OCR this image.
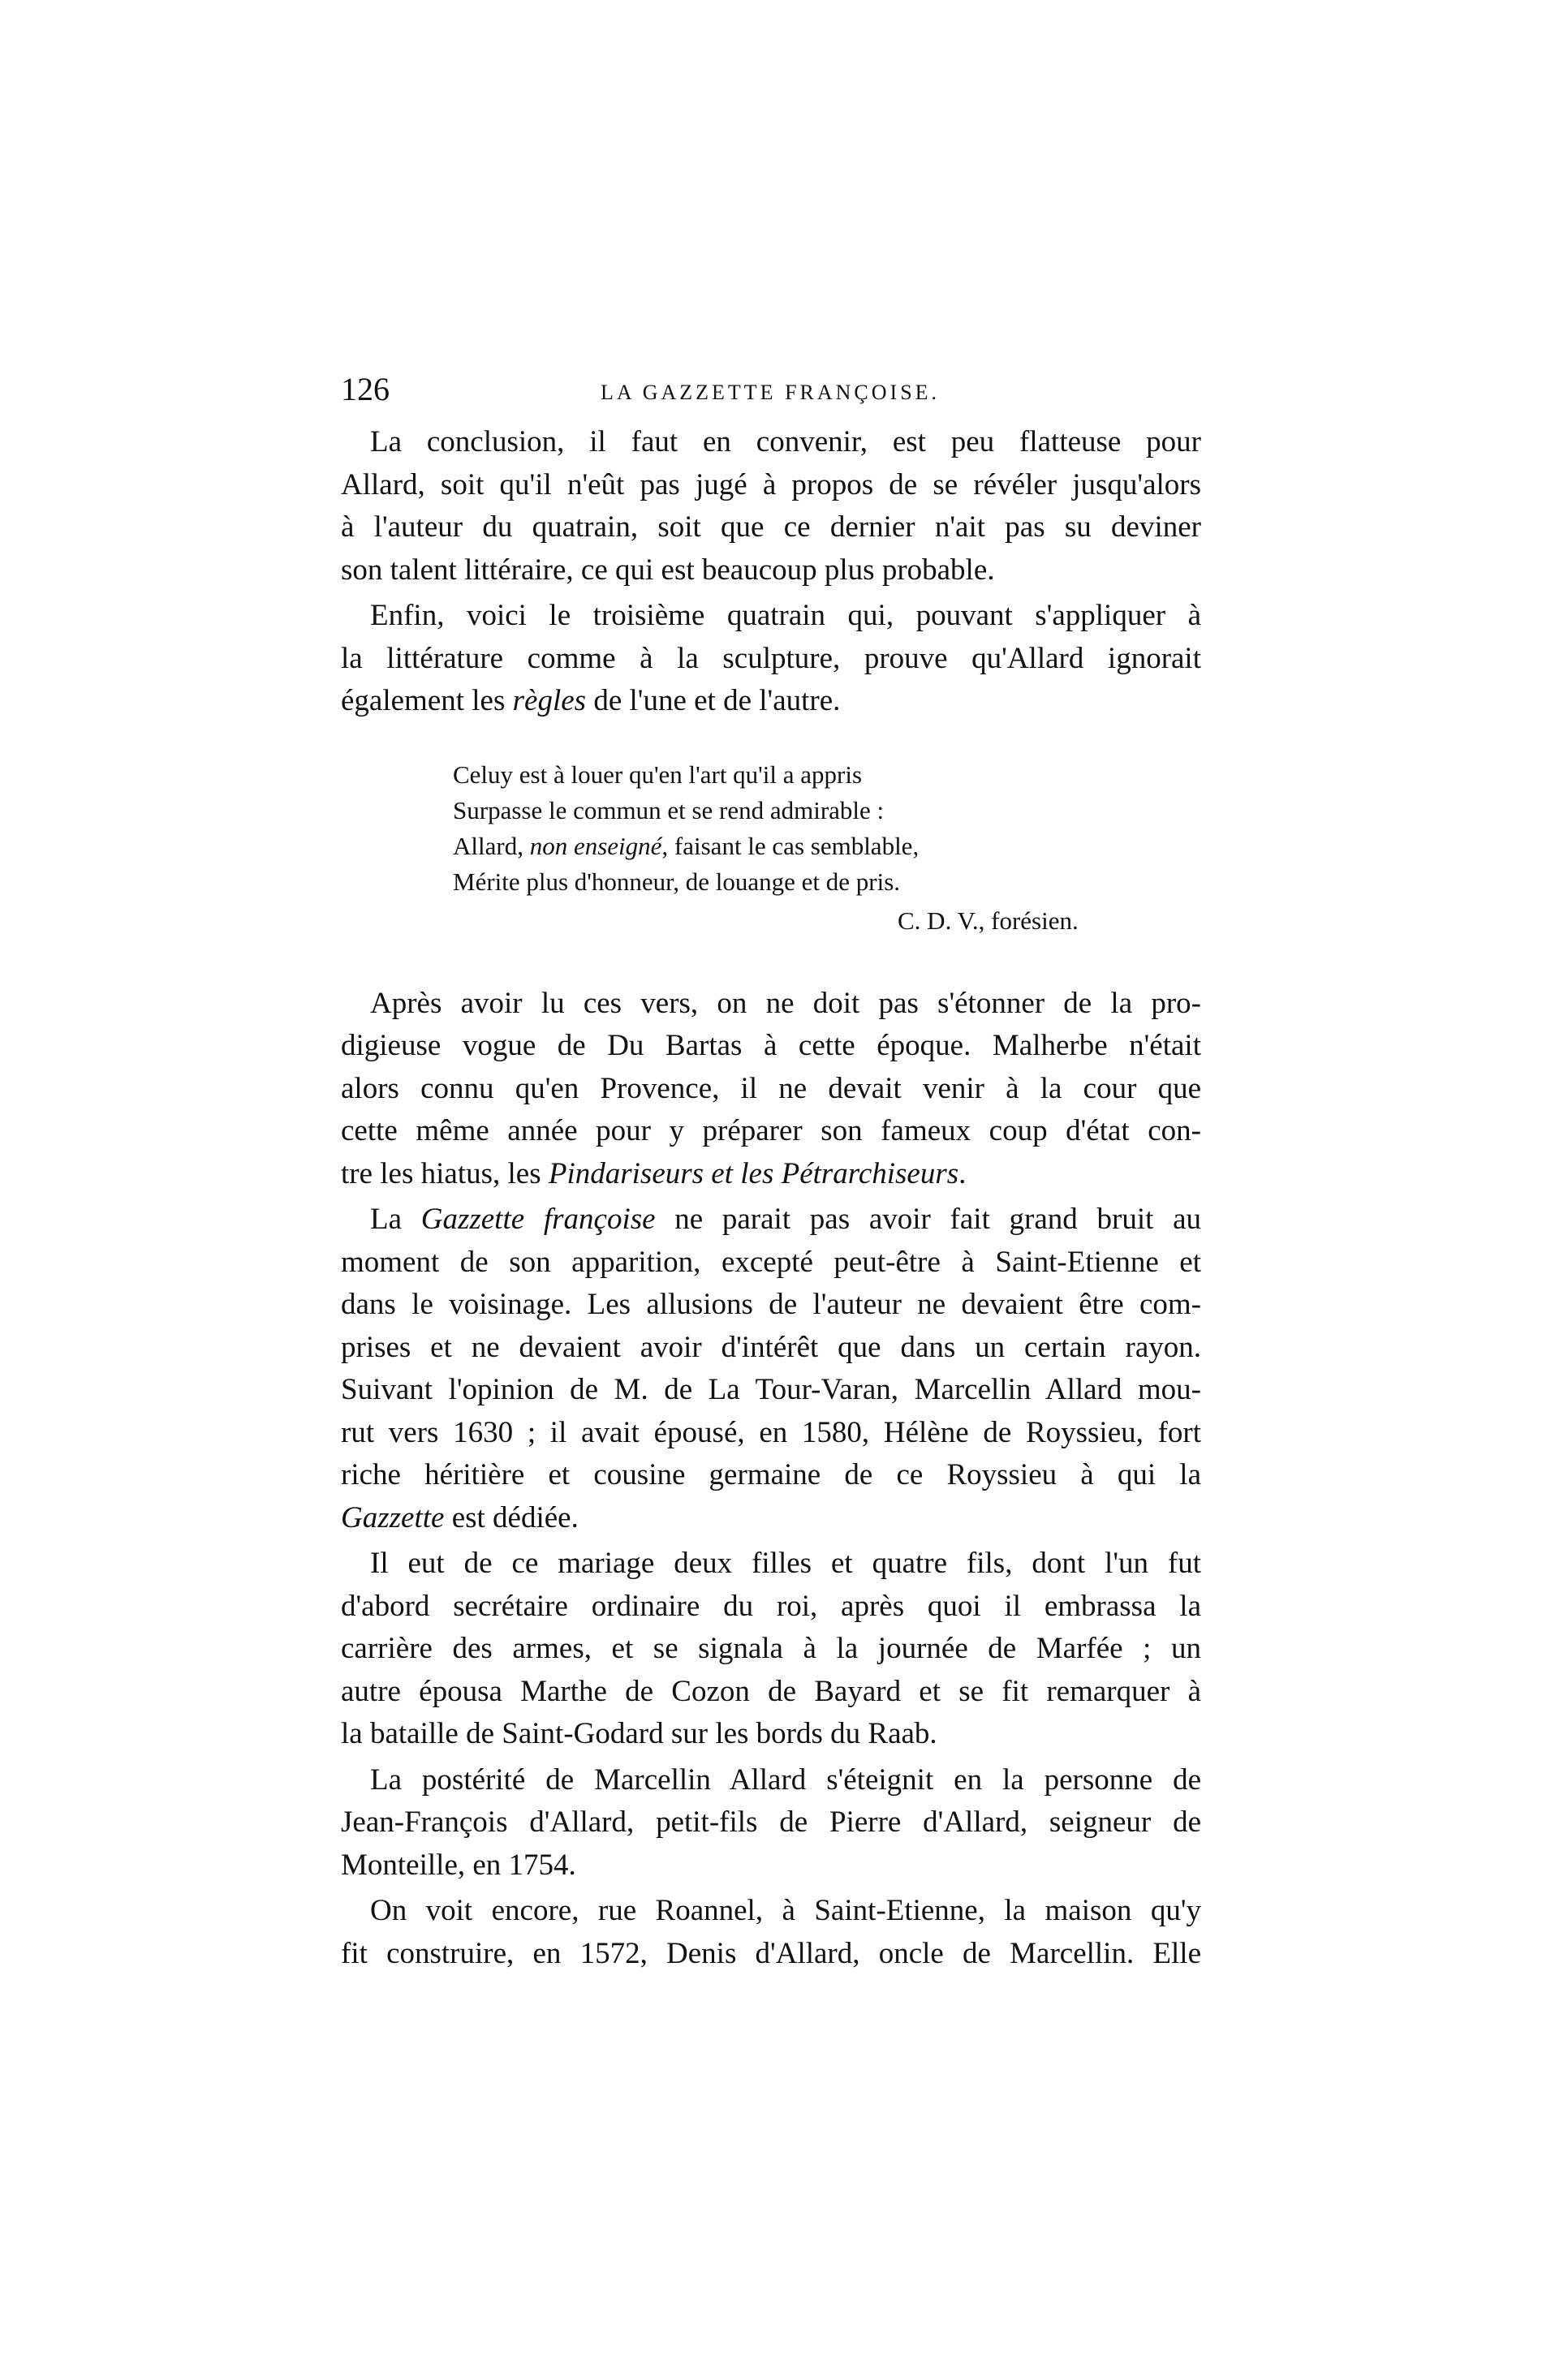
126	LA GAZZETTE FRANÇOISE.
La conclusion, il faut en convenir, est peu flatteuse pour
Allard, soit qu'il n'eût pas jugé à propos de se révéler jusqu'alors
à l'auteur du quatrain, soit que ce dernier n'ait pas su deviner
son talent littéraire, ce qui est beaucoup plus probable.
Enfin, voici le troisième quatrain qui, pouvant s'appliquer à
la littérature comme à la sculpture, prouve qu'Allard ignorait
également les règles de l'une et de l'autre.
Celuy est à louer qu'en l'art qu'il a appris
Surpasse le commun et se rend admirable :
Allard, non enseigné, faisant le cas semblable,
Mérite plus d'honneur, de louange et de pris.
C. D. V., forésien.
Après avoir lu ces vers, on ne doit pas s'étonner de la pro-
digieuse vogue de Du Bartas à cette époque. Malherbe n'était
alors connu qu'en Provence, il ne devait venir à la cour que
cette même année pour y préparer son fameux coup d'état con-
tre les hiatus, les Pindariseurs et les Pétrarchiseurs.
La Gazzette françoise ne parait pas avoir fait grand bruit au
moment de son apparition, excepté peut-être à Saint-Etienne et
dans le voisinage. Les allusions de l'auteur ne devaient être com-
prises et ne devaient avoir d'intérêt que dans un certain rayon.
Suivant l'opinion de M. de La Tour-Varan, Marcellin Allard mou-
rut vers 1630 ; il avait épousé, en 1580, Hélène de Royssieu, fort
riche héritière et cousine germaine de ce Royssieu à qui la
Gazzette est dédiée.
Il eut de ce mariage deux filles et quatre fils, dont l'un fut
d'abord secrétaire ordinaire du roi, après quoi il embrassa la
carrière des armes, et se signala à la journée de Marfée ; un
autre épousa Marthe de Cozon de Bayard et se fit remarquer à
la bataille de Saint-Godard sur les bords du Raab.
La postérité de Marcellin Allard s'éteignit en la personne de
Jean-François d'Allard, petit-fils de Pierre d'Allard, seigneur de
Monteille, en 1754.
On voit encore, rue Roannel, à Saint-Etienne, la maison qu'y
fit construire, en 1572, Denis d'Allard, oncle de Marcellin. Elle
